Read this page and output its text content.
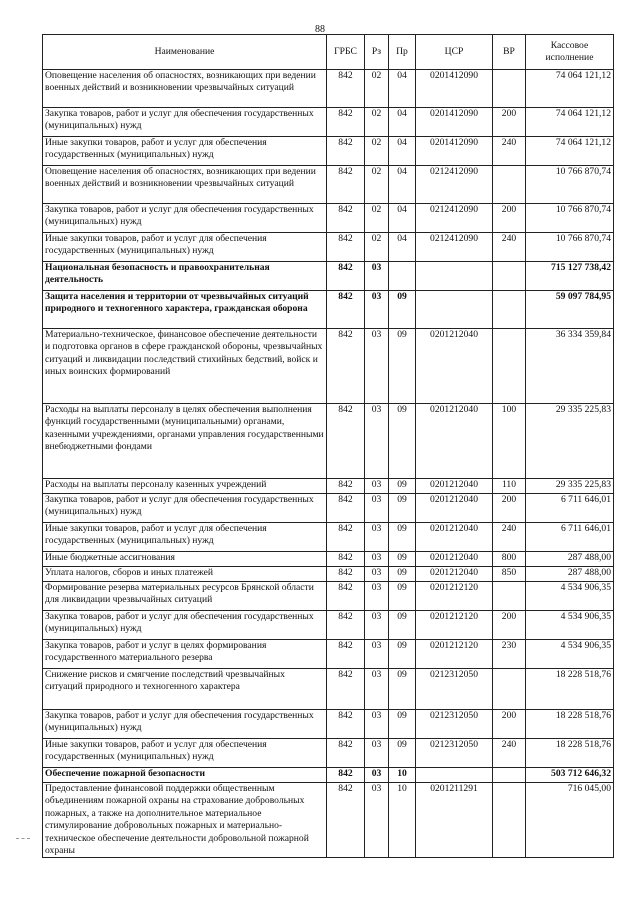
88
Наименование	ГРБС	Рз	Пр	ЦСР	ВР	Кассовое исполнение
Оповещение населения об опасностях, возникающих при ведении военных действий и возникновении чрезвычайных ситуаций	842	02	04	0201412090		74 064 121,12
Закупка товаров, работ и услуг для обеспечения государственных (муниципальных) нужд	842	02	04	0201412090	200	74 064 121,12
Иные закупки товаров, работ и услуг для обеспечения государственных (муниципальных) нужд	842	02	04	0201412090	240	74 064 121,12
Оповещение населения об опасностях, возникающих при ведении военных действий и возникновении чрезвычайных ситуаций	842	02	04	0212412090		10 766 870,74
Закупка товаров, работ и услуг для обеспечения государственных (муниципальных) нужд	842	02	04	0212412090	200	10 766 870,74
Иные закупки товаров, работ и услуг для обеспечения государственных (муниципальных) нужд	842	02	04	0212412090	240	10 766 870,74
Национальная безопасность и правоохранительная деятельность	842	03				715 127 738,42
Защита населения и территории от чрезвычайных ситуаций природного и техногенного характера, гражданская оборона	842	03	09			59 097 784,95
Материально-техническое, финансовое обеспечение деятельности и подготовка органов в сфере гражданской обороны, чрезвычайных ситуаций и ликвидации последствий стихийных бедствий, войск и иных воинских формирований	842	03	09	0201212040		36 334 359,84
Расходы на выплаты персоналу в целях обеспечения выполнения функций государственными (муниципальными) органами, казенными учреждениями, органами управления государственными внебюджетными фондами	842	03	09	0201212040	100	29 335 225,83
Расходы на выплаты персоналу казенных учреждений	842	03	09	0201212040	110	29 335 225,83
Закупка товаров, работ и услуг для обеспечения государственных (муниципальных) нужд	842	03	09	0201212040	200	6 711 646,01
Иные закупки товаров, работ и услуг для обеспечения государственных (муниципальных) нужд	842	03	09	0201212040	240	6 711 646,01
Иные бюджетные ассигнования	842	03	09	0201212040	800	287 488,00
Уплата налогов, сборов и иных платежей	842	03	09	0201212040	850	287 488,00
Формирование резерва материальных ресурсов Брянской области для ликвидации чрезвычайных ситуаций	842	03	09	0201212120		4 534 906,35
Закупка товаров, работ и услуг для обеспечения государственных (муниципальных) нужд	842	03	09	0201212120	200	4 534 906,35
Закупка товаров, работ и услуг в целях формирования государственного материального резерва	842	03	09	0201212120	230	4 534 906,35
Снижение рисков и смягчение последствий чрезвычайных ситуаций природного и техногенного характера	842	03	09	0212312050		18 228 518,76
Закупка товаров, работ и услуг для обеспечения государственных (муниципальных) нужд	842	03	09	0212312050	200	18 228 518,76
Иные закупки товаров, работ и услуг для обеспечения государственных (муниципальных) нужд	842	03	09	0212312050	240	18 228 518,76
Обеспечение пожарной безопасности	842	03	10			503 712 646,32
Предоставление финансовой поддержки общественным объединениям пожарной охраны на страхование добровольных пожарных, а также на дополнительное материальное стимулирование добровольных пожарных и материально-техническое обеспечение деятельности добровольной пожарной охраны	842	03	10	0201211291		716 045,00
